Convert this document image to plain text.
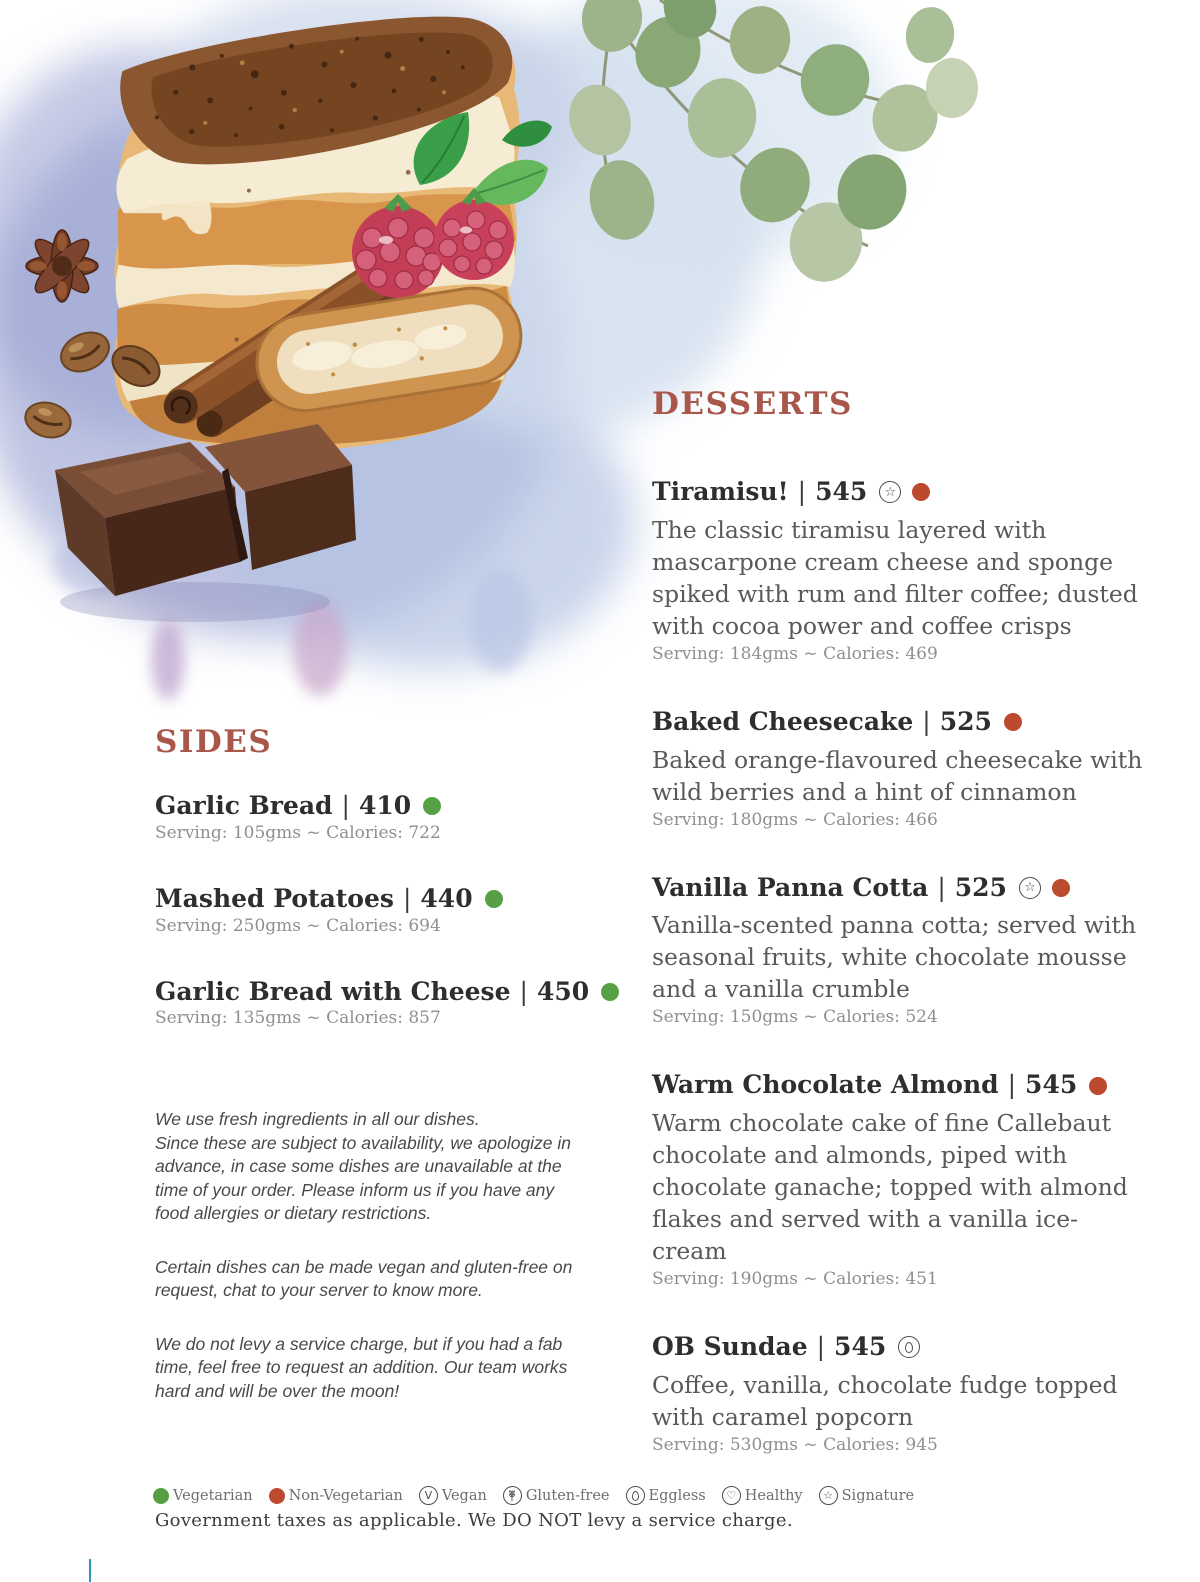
DESSERTS
Tiramisu! | 545 ☆

The classic tiramisu layered with mascarpone cream cheese and sponge spiked with rum and filter coffee; dusted with cocoa power and coffee crisps

Serving: 184gms ~ Calories: 469

Baked Cheesecake | 525

Baked orange-flavoured cheesecake with wild berries and a hint of cinnamon

Serving: 180gms ~ Calories: 466

Vanilla Panna Cotta | 525 ☆

Vanilla-scented panna cotta; served with seasonal fruits, white chocolate mousse and a vanilla crumble

Serving: 150gms ~ Calories: 524

Warm Chocolate Almond | 545

Warm chocolate cake of fine Callebaut chocolate and almonds, piped with chocolate ganache; topped with almond flakes and served with a vanilla ice-cream

Serving: 190gms ~ Calories: 451

OB Sundae | 545

Coffee, vanilla, chocolate fudge topped with caramel popcorn

Serving: 530gms ~ Calories: 945

SIDES
Garlic Bread | 410

Serving: 105gms ~ Calories: 722

Mashed Potatoes | 440

Serving: 250gms ~ Calories: 694

Garlic Bread with Cheese | 450

Serving: 135gms ~ Calories: 857

We use fresh ingredients in all our dishes.
Since these are subject to availability, we apologize in advance, in case some dishes are unavailable at the time of your order. Please inform us if you have any food allergies or dietary restrictions.

Certain dishes can be made vegan and gluten-free on request, chat to your server to know more.

We do not levy a service charge, but if you had a fab time, feel free to request an addition. Our team works hard and will be over the moon!

Vegetarian Non-Vegetarian V Vegan	Gluten-free	Eggless ♡ Healthy ☆ Signature

Government taxes as applicable. We DO NOT levy a service charge.
